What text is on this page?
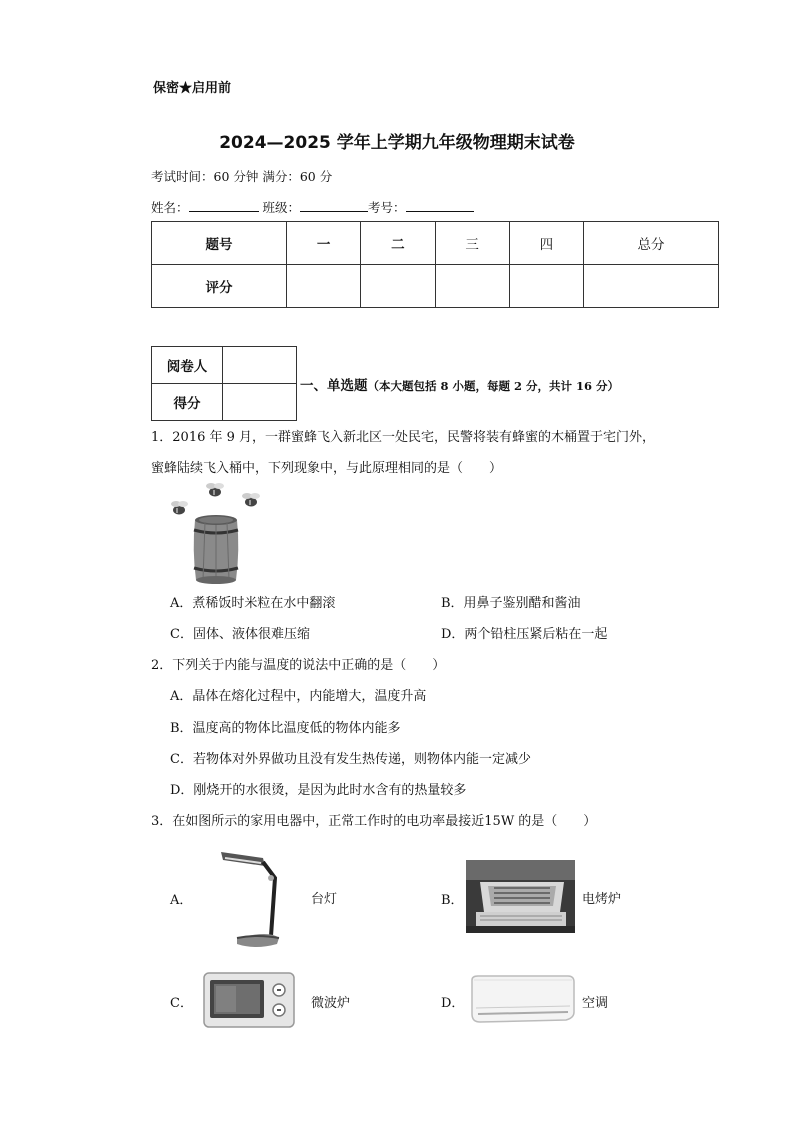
保密★启用前
2024—2025 学年上学期九年级物理期末试卷
考试时间：60 分钟 满分：60 分
姓名：	班级：	考号：
题号	一	二	三	四	总分
评分					
阅卷人	
得分	
一、单选题（本大题包括 8 小题，每题 2 分，共计 16 分）
1．2016 年 9 月，一群蜜蜂飞入新北区一处民宅，民警将装有蜂蜜的木桶置于宅门外，
蜜蜂陆续飞入桶中，下列现象中，与此原理相同的是（　　）
A．煮稀饭时米粒在水中翻滚	B．用鼻子鉴别醋和酱油
C．固体、液体很难压缩	D．两个铅柱压紧后粘在一起
2．下列关于内能与温度的说法中正确的是（　　）
A．晶体在熔化过程中，内能增大，温度升高
B．温度高的物体比温度低的物体内能多
C．若物体对外界做功且没有发生热传递，则物体内能一定减少
D．刚烧开的水很烫，是因为此时水含有的热量较多
3．在如图所示的家用电器中，正常工作时的电功率最接近15W 的是（　　）
A．	台灯	B．	电烤炉
C．	微波炉	D．	空调
